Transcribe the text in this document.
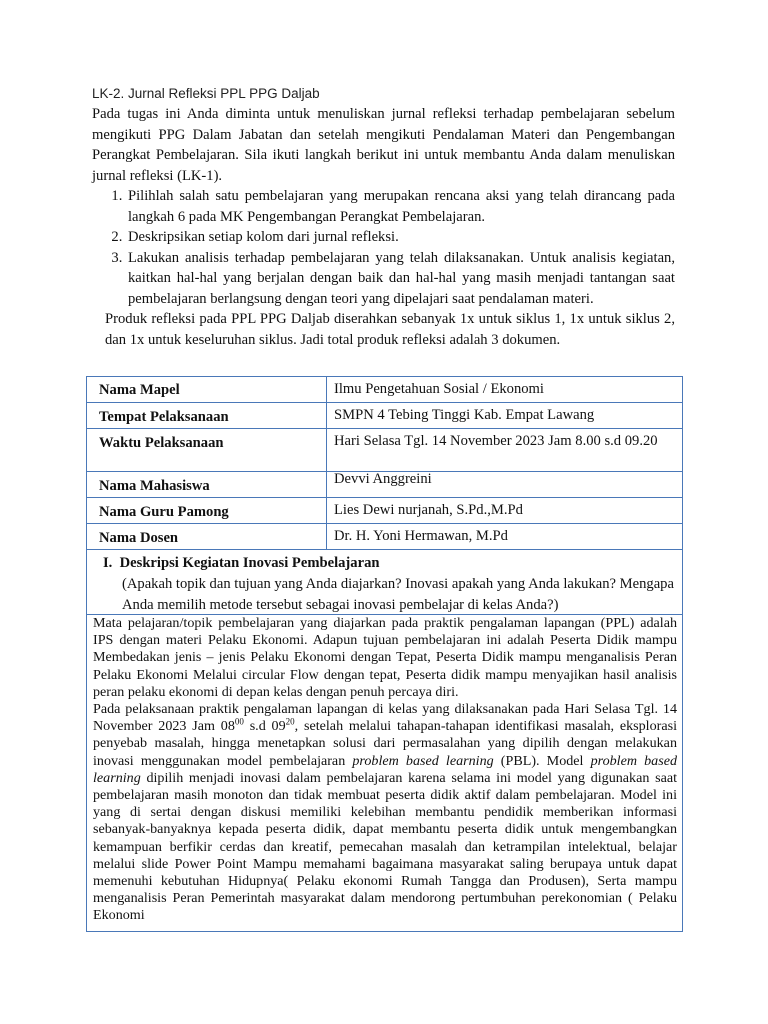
LK-2. Jurnal Refleksi PPL PPG Daljab

Pada tugas ini Anda diminta untuk menuliskan jurnal refleksi terhadap pembelajaran sebelum mengikuti PPG Dalam Jabatan dan setelah mengikuti Pendalaman Materi dan Pengembangan Perangkat Pembelajaran. Sila ikuti langkah berikut ini untuk membantu Anda dalam menuliskan jurnal refleksi (LK-1).

1. Pilihlah salah satu pembelajaran yang merupakan rencana aksi yang telah dirancang pada langkah 6 pada MK Pengembangan Perangkat Pembelajaran.
2. Deskripsikan setiap kolom dari jurnal refleksi.
3. Lakukan analisis terhadap pembelajaran yang telah dilaksanakan. Untuk analisis kegiatan, kaitkan hal-hal yang berjalan dengan baik dan hal-hal yang masih menjadi tantangan saat pembelajaran berlangsung dengan teori yang dipelajari saat pendalaman materi.

Produk refleksi pada PPL PPG Daljab diserahkan sebanyak 1x untuk siklus 1, 1x untuk siklus 2, dan 1x untuk keseluruhan siklus. Jadi total produk refleksi adalah 3 dokumen.

Nama Mapel	Ilmu Pengetahuan Sosial / Ekonomi
Tempat Pelaksanaan	SMPN 4 Tebing Tinggi Kab. Empat Lawang
Waktu Pelaksanaan	Hari Selasa Tgl. 14 November 2023 Jam 8.00 s.d 09.20
Nama Mahasiswa	Devvi Anggreini
Nama Guru Pamong	Lies Dewi nurjanah, S.Pd.,M.Pd
Nama Dosen	Dr. H. Yoni Hermawan, M.Pd
I. Deskripsi Kegiatan Inovasi Pembelajaran
(Apakah topik dan tujuan yang Anda diajarkan? Inovasi apakah yang Anda lakukan? Mengapa Anda memilih metode tersebut sebagai inovasi pembelajar di kelas Anda?)

Mata pelajaran/topik pembelajaran yang diajarkan pada praktik pengalaman lapangan (PPL) adalah IPS dengan materi Pelaku Ekonomi. Adapun tujuan pembelajaran ini adalah Peserta Didik mampu Membedakan jenis – jenis Pelaku Ekonomi dengan Tepat, Peserta Didik mampu menganalisis Peran Pelaku Ekonomi Melalui circular Flow dengan tepat, Peserta didik mampu menyajikan hasil analisis peran pelaku ekonomi di depan kelas dengan penuh percaya diri.

Pada pelaksanaan praktik pengalaman lapangan di kelas yang dilaksanakan pada Hari Selasa Tgl. 14 November 2023 Jam $08^{00}$ s.d $09^{20}$, setelah melalui tahapan-tahapan identifikasi masalah, eksplorasi penyebab masalah, hingga menetapkan solusi dari permasalahan yang dipilih dengan melakukan inovasi menggunakan model pembelajaran problem based learning (PBL). Model problem based learning dipilih menjadi inovasi dalam pembelajaran karena selama ini model yang digunakan saat pembelajaran masih monoton dan tidak membuat peserta didik aktif dalam pembelajaran. Model ini yang di sertai dengan diskusi memiliki kelebihan membantu pendidik memberikan informasi sebanyak-banyaknya kepada peserta didik, dapat membantu peserta didik untuk mengembangkan kemampuan berfikir cerdas dan kreatif, pemecahan masalah dan ketrampilan intelektual, belajar melalui slide Power Point Mampu memahami bagaimana masyarakat saling berupaya untuk dapat memenuhi kebutuhan Hidupnya( Pelaku ekonomi Rumah Tangga dan Produsen), Serta mampu menganalisis Peran Pemerintah masyarakat dalam mendorong pertumbuhan perekonomian ( Pelaku Ekonomi
